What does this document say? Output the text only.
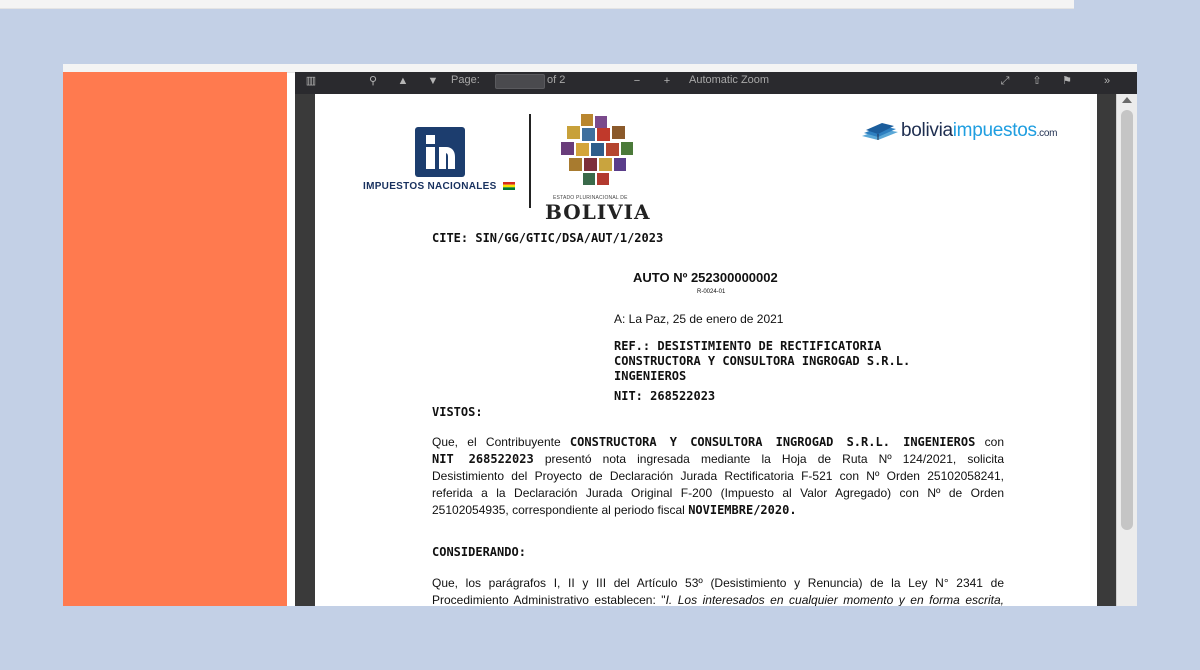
▥	⚲ ▲ ▼ Page:	of 2	− + Automatic Zoom	⤢ ⇧ ⚑	»
IMPUESTOS NACIONALES
ESTADO PLURINACIONAL DE
BOLIVIA
boliviaimpuestos.com
CITE: SIN/GG/GTIC/DSA/AUT/1/2023
AUTO Nº 252300000002
R-0024-01
A: La Paz, 25 de enero de 2021
REF.: DESISTIMIENTO DE RECTIFICATORIA
CONSTRUCTORA Y CONSULTORA INGROGAD S.R.L.
INGENIEROS
NIT: 268522023
VISTOS:
Que, el Contribuyente CONSTRUCTORA Y CONSULTORA INGROGAD S.R.L. INGENIEROS con
NIT 268522023 presentó nota ingresada mediante la Hoja de Ruta Nº 124/2021, solicita
Desistimiento del Proyecto de Declaración Jurada Rectificatoria F-521 con Nº Orden 25102058241,
referida a la Declaración Jurada Original F-200 (Impuesto al Valor Agregado) con Nº de Orden
25102054935, correspondiente al periodo fiscal NOVIEMBRE/2020.
CONSIDERANDO:
Que, los parágrafos I, II y III del Artículo 53º (Desistimiento y Renuncia) de la Ley N° 2341 de
Procedimiento Administrativo establecen: "I. Los interesados en cualquier momento y en forma escrita,
